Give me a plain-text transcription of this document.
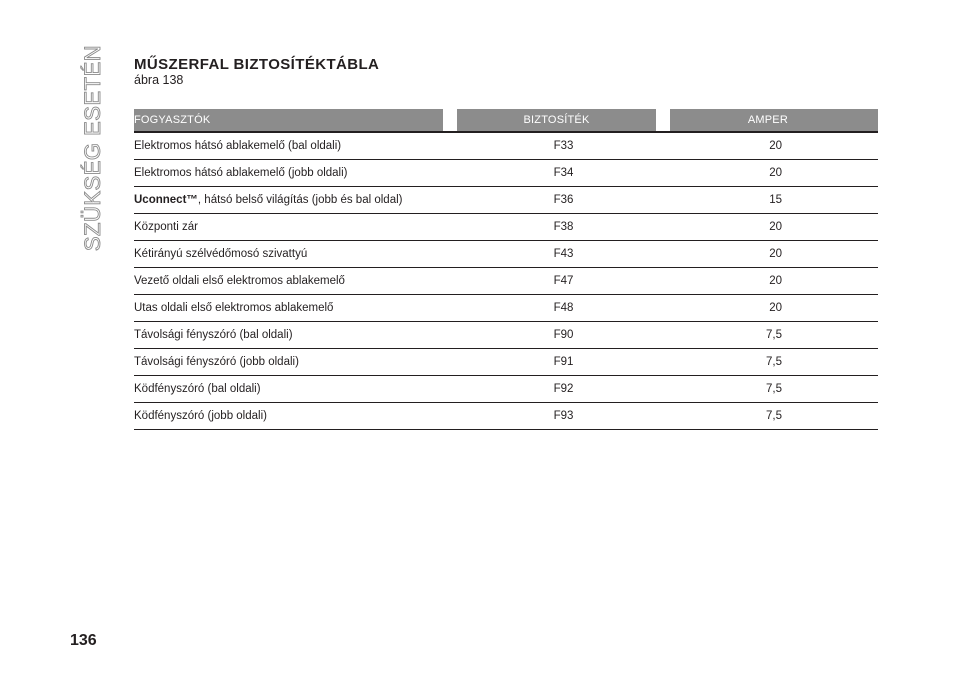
SZÜKSÉG ESETÉN MŰSZERFAL BIZTOSÍTÉKTÁBLA
ábra 138
FOGYASZTÓK	BIZTOSÍTÉK	AMPER
Elektromos hátsó ablakemelő (bal oldali)	F33	20
Elektromos hátsó ablakemelő (jobb oldali)	F34	20
Uconnect™, hátsó belső világítás (jobb és bal oldal)	F36	15
Központi zár	F38	20
Kétirányú szélvédőmosó szivattyú	F43	20
Vezető oldali első elektromos ablakemelő	F47	20
Utas oldali első elektromos ablakemelő	F48	20
Távolsági fényszóró (bal oldali)	F90	7,5
Távolsági fényszóró (jobb oldali)	F91	7,5
Ködfényszóró (bal oldali)	F92	7,5
Ködfényszóró (jobb oldali)	F93	7,5
136
